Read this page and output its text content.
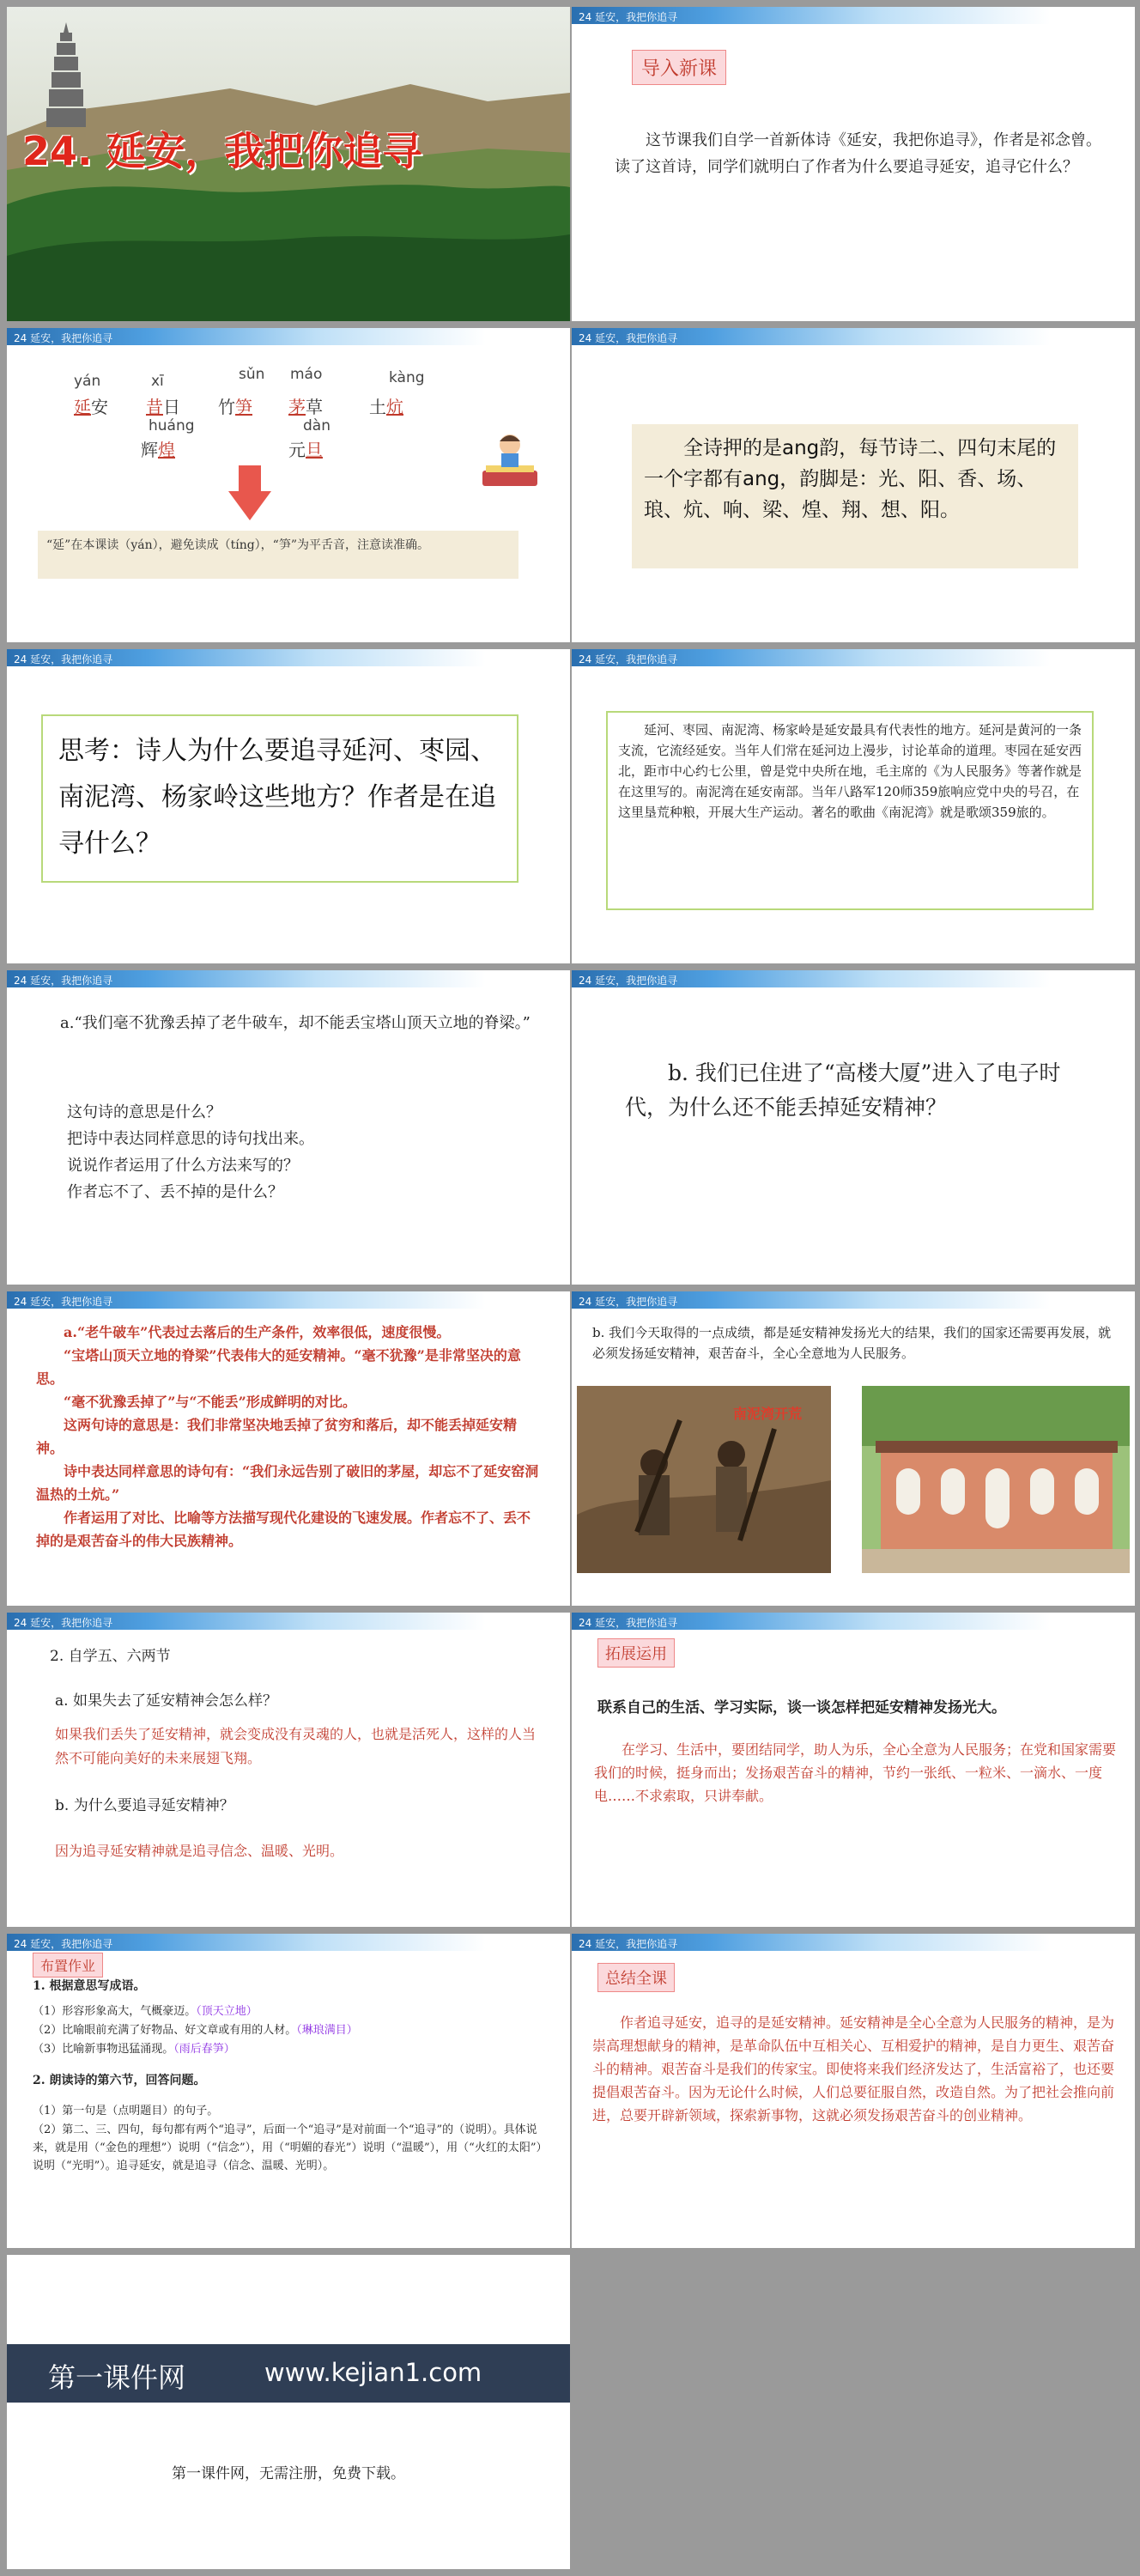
24. 延安，我把你追寻
24 延安，我把你追寻
导入新课

这节课我们自学一首新体诗《延安，我把你追寻》，作者是祁念曾。读了这首诗，同学们就明白了作者为什么要追寻延安，追寻它什么？

24 延安，我把你追寻
yán
延安
xī
昔日
sǔn
竹笋
máo
茅草
kàng
土炕
huáng
辉煌
dàn
元旦

“延”在本课读（yán），避免读成（tíng），“笋”为平舌音，注意读准确。

24 延安，我把你追寻

全诗押的是ang韵，每节诗二、四句末尾的一个字都有ang，韵脚是：光、阳、香、场、琅、炕、响、梁、煌、翔、想、阳。

24 延安，我把你追寻

思考：诗人为什么要追寻延河、枣园、南泥湾、杨家岭这些地方？作者是在追寻什么？

24 延安，我把你追寻

延河、枣园、南泥湾、杨家岭是延安最具有代表性的地方。延河是黄河的一条支流，它流经延安。当年人们常在延河边上漫步，讨论革命的道理。枣园在延安西北，距市中心约七公里，曾是党中央所在地，毛主席的《为人民服务》等著作就是在这里写的。南泥湾在延安南部。当年八路军120师359旅响应党中央的号召，在这里垦荒种粮，开展大生产运动。著名的歌曲《南泥湾》就是歌颂359旅的。

24 延安，我把你追寻

a.“我们毫不犹豫丢掉了老牛破车，却不能丢宝塔山顶天立地的脊梁。”

这句诗的意思是什么？

把诗中表达同样意思的诗句找出来。

说说作者运用了什么方法来写的？

作者忘不了、丢不掉的是什么？

24 延安，我把你追寻

b. 我们已住进了“高楼大厦”进入了电子时代，为什么还不能丢掉延安精神？

24 延安，我把你追寻

a.“老牛破车”代表过去落后的生产条件，效率很低，速度很慢。

“宝塔山顶天立地的脊梁”代表伟大的延安精神。“毫不犹豫”是非常坚决的意思。

“毫不犹豫丢掉了”与“不能丢”形成鲜明的对比。

这两句诗的意思是：我们非常坚决地丢掉了贫穷和落后，却不能丢掉延安精神。

诗中表达同样意思的诗句有：“我们永远告别了破旧的茅屋，却忘不了延安窑洞温热的土炕。”

作者运用了对比、比喻等方法描写现代化建设的飞速发展。作者忘不了、丢不掉的是艰苦奋斗的伟大民族精神。

24 延安，我把你追寻

b. 我们今天取得的一点成绩，都是延安精神发扬光大的结果，我们的国家还需要再发展，就必须发扬延安精神，艰苦奋斗，全心全意地为人民服务。

南泥湾开荒
24 延安，我把你追寻

2. 自学五、六两节

a. 如果失去了延安精神会怎么样？

如果我们丢失了延安精神，就会变成没有灵魂的人，也就是活死人，这样的人当然不可能向美好的未来展翅飞翔。

b. 为什么要追寻延安精神？

因为追寻延安精神就是追寻信念、温暖、光明。

24 延安，我把你追寻
拓展运用

联系自己的生活、学习实际，谈一谈怎样把延安精神发扬光大。

在学习、生活中，要团结同学，助人为乐，全心全意为人民服务；在党和国家需要我们的时候，挺身而出；发扬艰苦奋斗的精神，节约一张纸、一粒米、一滴水、一度电……不求索取，只讲奉献。

24 延安，我把你追寻
布置作业

1. 根据意思写成语。

（1）形容形象高大，气概豪迈。（顶天立地）

（2）比喻眼前充满了好物品、好文章或有用的人材。（琳琅满目）

（3）比喻新事物迅猛涌现。（雨后春笋）

2. 朗读诗的第六节，回答问题。

（1）第一句是（点明题目）的句子。

（2）第二、三、四句，每句都有两个“追寻”，后面一个“追寻”是对前面一个“追寻”的（说明）。具体说来，就是用（“金色的理想”）说明（“信念”），用（“明媚的春光”）说明（“温暖”），用（“火红的太阳”）说明（“光明”）。追寻延安，就是追寻（信念、温暖、光明）。

24 延安，我把你追寻
总结全课

作者追寻延安，追寻的是延安精神。延安精神是全心全意为人民服务的精神，是为崇高理想献身的精神，是革命队伍中互相关心、互相爱护的精神，是自力更生、艰苦奋斗的精神。艰苦奋斗是我们的传家宝。即使将来我们经济发达了，生活富裕了，也还要提倡艰苦奋斗。因为无论什么时候，人们总要征服自然，改造自然。为了把社会推向前进，总要开辟新领域，探索新事物，这就必须发扬艰苦奋斗的创业精神。

第一课件网	www.kejian1.com

第一课件网，无需注册，免费下载。
